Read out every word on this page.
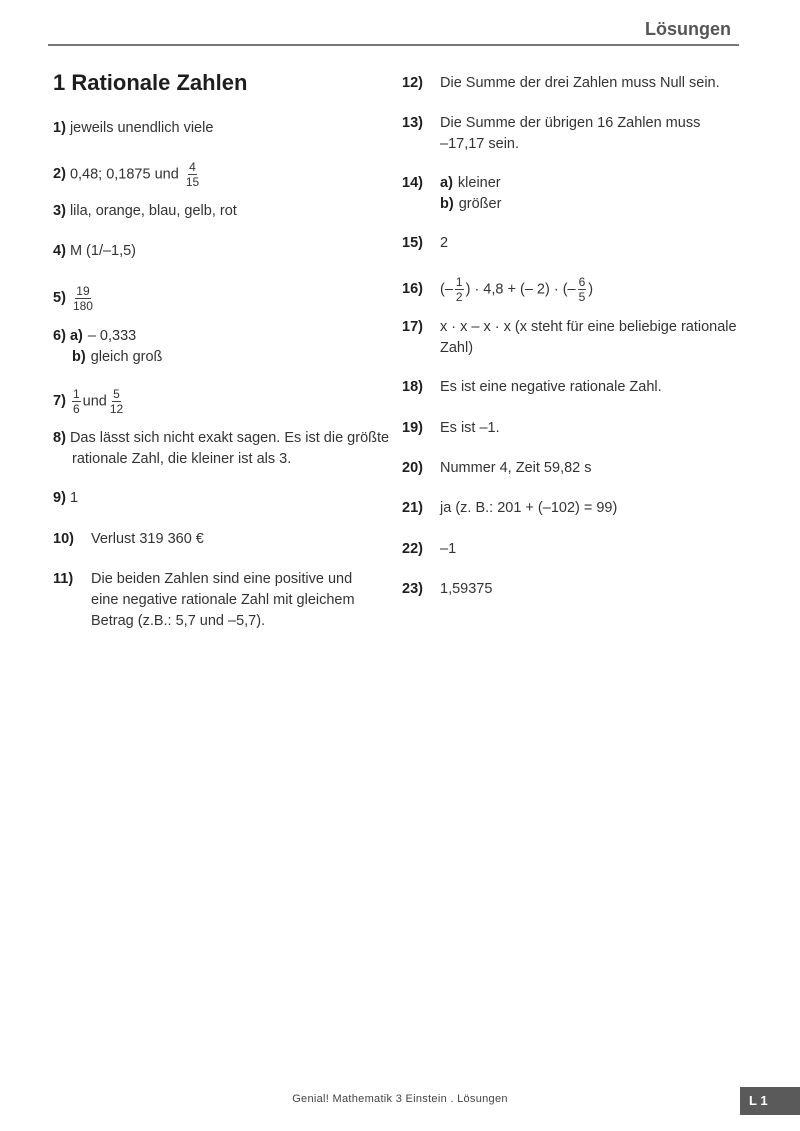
Lösungen
1 Rationale Zahlen
1) jeweils unendlich viele
2) 0,48; 0,1875 und $\frac{4}{15}$
3) lila, orange, blau, gelb, rot
4) M (1/–1,5)
$5) \frac{19}{180}$
6) a) – 0,333
b) gleich groß
$7) \frac{1}{6}$ und $\frac{5}{12}$
8) Das lässt sich nicht exakt sagen. Es ist die größte
rationale Zahl, die kleiner ist als 3.
9) 1
10) Verlust 319 360 €
11) Die beiden Zahlen sind eine positive und
eine negative rationale Zahl mit gleichem
Betrag (z.B.: 5,7 und –5,7).
12) Die Summe der drei Zahlen muss Null sein.
13) Die Summe der übrigen 16 Zahlen muss
–17,17 sein.
14) a) kleiner
b) größer
15) 2
16) (– $\frac{1}{2}$ ) · 4,8 + (– 2) · (– $\frac{6}{5}$ )
17) x · x – x · x (x steht für eine beliebige rationale
Zahl)
18) Es ist eine negative rationale Zahl.
19) Es ist –1.
20) Nummer 4, Zeit 59,82 s
21) ja (z. B.: 201 + (–102) = 99)
22) –1
23) 1,59375
Genial! Mathematik 3 Einstein . Lösungen	L 1
